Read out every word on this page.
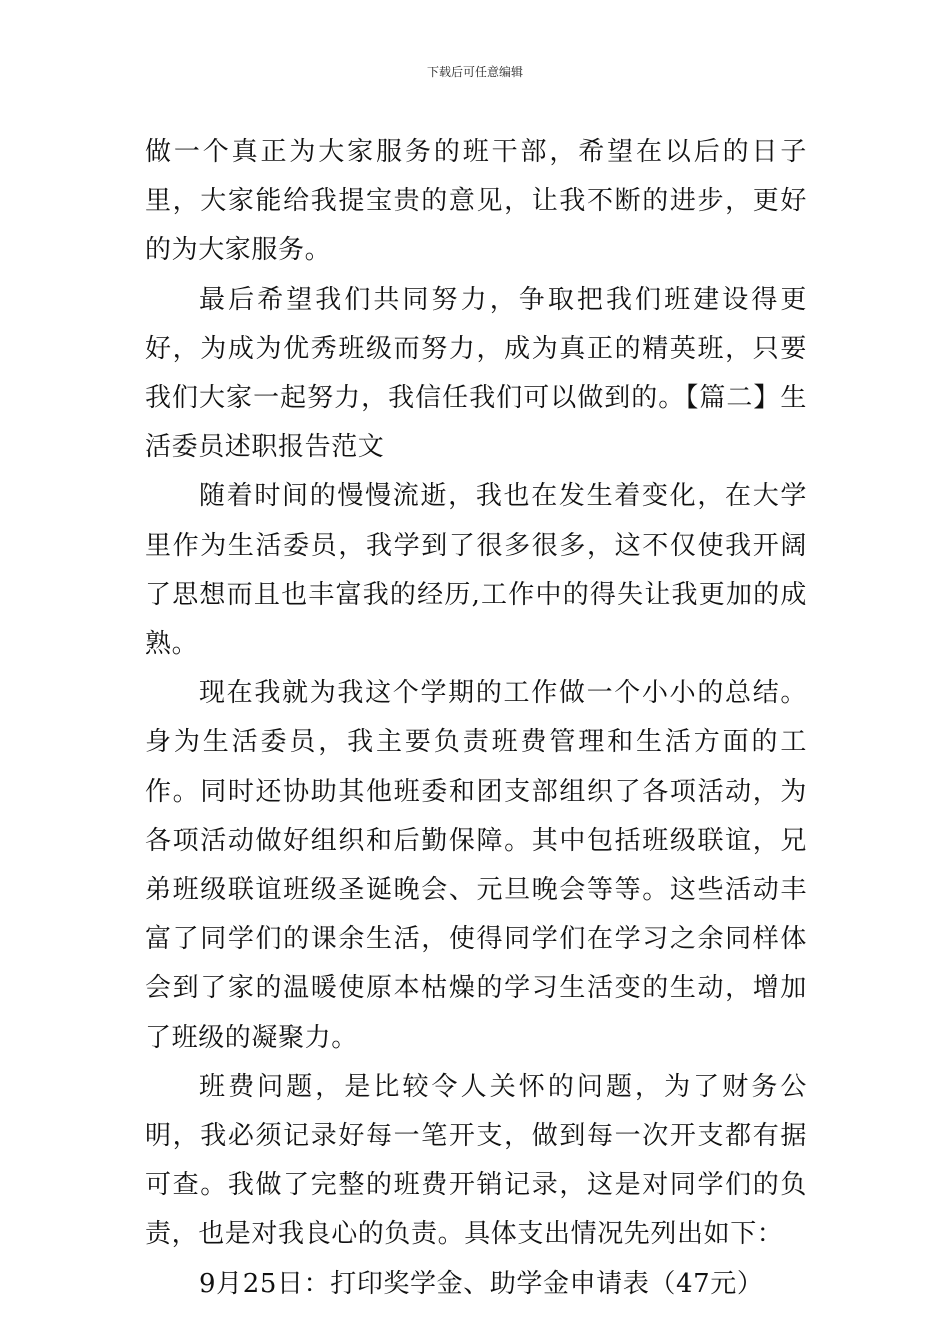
下载后可任意编辑

做一个真正为大家服务的班干部，希望在以后的日子里，大家能给我提宝贵的意见，让我不断的进步，更好的为大家服务。

最后希望我们共同努力，争取把我们班建设得更好，为成为优秀班级而努力，成为真正的精英班，只要我们大家一起努力，我信任我们可以做到的。【篇二】生活委员述职报告范文

随着时间的慢慢流逝，我也在发生着变化，在大学里作为生活委员，我学到了很多很多，这不仅使我开阔了思想而且也丰富我的经历,工作中的得失让我更加的成熟。

现在我就为我这个学期的工作做一个小小的总结。身为生活委员，我主要负责班费管理和生活方面的工作。同时还协助其他班委和团支部组织了各项活动，为各项活动做好组织和后勤保障。其中包括班级联谊，兄弟班级联谊班级圣诞晚会、元旦晚会等等。这些活动丰富了同学们的课余生活，使得同学们在学习之余同样体会到了家的温暖使原本枯燥的学习生活变的生动，增加了班级的凝聚力。

班费问题，是比较令人关怀的问题，为了财务公明，我必须记录好每一笔开支，做到每一次开支都有据可查。我做了完整的班费开销记录，这是对同学们的负责，也是对我良心的负责。具体支出情况先列出如下：

9月25日：打印奖学金、助学金申请表（47元）
